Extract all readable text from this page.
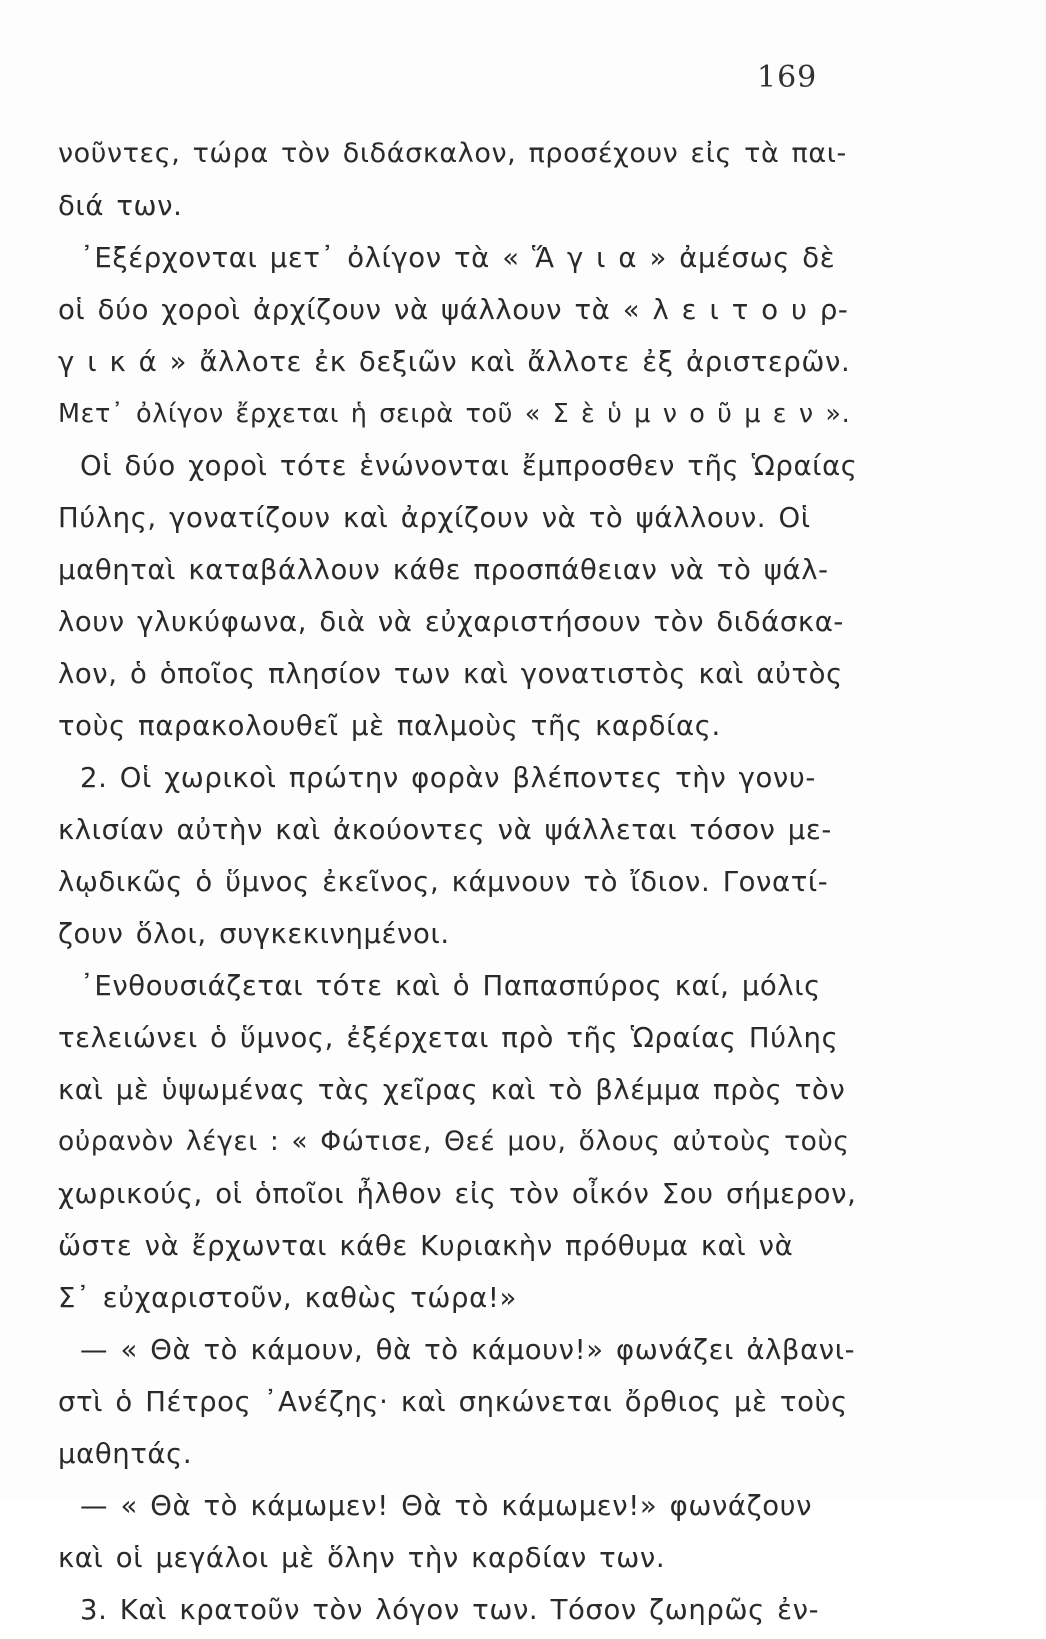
169
νοῦντες, τώρα τὸν διδάσκαλον, προσέχουν εἰς τὰ παι-
διά των.
᾿Εξέρχονται μετ᾿ ὀλίγον τὰ « Ἅ γ ι α » ἀμέσως δὲ
οἱ δύο χοροὶ ἀρχίζουν νὰ ψάλλουν τὰ « λ ε ι τ ο υ ρ-
γ ι κ ά » ἄλλοτε ἐκ δεξιῶν καὶ ἄλλοτε ἐξ ἀριστερῶν.
Μετ᾿ ὀλίγον ἔρχεται ἡ σειρὰ τοῦ « Σ ὲ ὑ μ ν ο ῦ μ ε ν ».
Οἱ δύο χοροὶ τότε ἑνώνονται ἔμπροσθεν τῆς Ὡραίας
Πύλης, γονατίζουν καὶ ἀρχίζουν νὰ τὸ ψάλλουν. Οἱ
μαθηταὶ καταβάλλουν κάθε προσπάθειαν νὰ τὸ ψάλ-
λουν γλυκύφωνα, διὰ νὰ εὐχαριστήσουν τὸν διδάσκα-
λον, ὁ ὁποῖος πλησίον των καὶ γονατιστὸς καὶ αὐτὸς
τοὺς παρακολουθεῖ μὲ παλμοὺς τῆς καρδίας.
2. Οἱ χωρικοὶ πρώτην φορὰν βλέποντες τὴν γονυ-
κλισίαν αὐτὴν καὶ ἀκούοντες νὰ ψάλλεται τόσον με-
λῳδικῶς ὁ ὕμνος ἐκεῖνος, κάμνουν τὸ ἴδιον. Γονατί-
ζουν ὅλοι, συγκεκινημένοι.
᾿Ενθουσιάζεται τότε καὶ ὁ Παπασπύρος καί, μόλις
τελειώνει ὁ ὕμνος, ἐξέρχεται πρὸ τῆς Ὡραίας Πύλης
καὶ μὲ ὑψωμένας τὰς χεῖρας καὶ τὸ βλέμμα πρὸς τὸν
οὐρανὸν λέγει : « Φώτισε, Θεέ μου, ὅλους αὐτοὺς τοὺς
χωρικούς, οἱ ὁποῖοι ἦλθον εἰς τὸν οἶκόν Σου σήμερον,
ὥστε νὰ ἔρχωνται κάθε Κυριακὴν πρόθυμα καὶ νὰ
Σ᾿ εὐχαριστοῦν, καθὼς τώρα!»
— « Θὰ τὸ κάμουν, θὰ τὸ κάμουν!» φωνάζει ἀλβανι-
στὶ ὁ Πέτρος ᾿Ανέζης· καὶ σηκώνεται ὄρθιος μὲ τοὺς
μαθητάς.
— « Θὰ τὸ κάμωμεν! Θὰ τὸ κάμωμεν!» φωνάζουν
καὶ οἱ μεγάλοι μὲ ὅλην τὴν καρδίαν των.
3. Καὶ κρατοῦν τὸν λόγον των. Τόσον ζωηρῶς ἐν-
